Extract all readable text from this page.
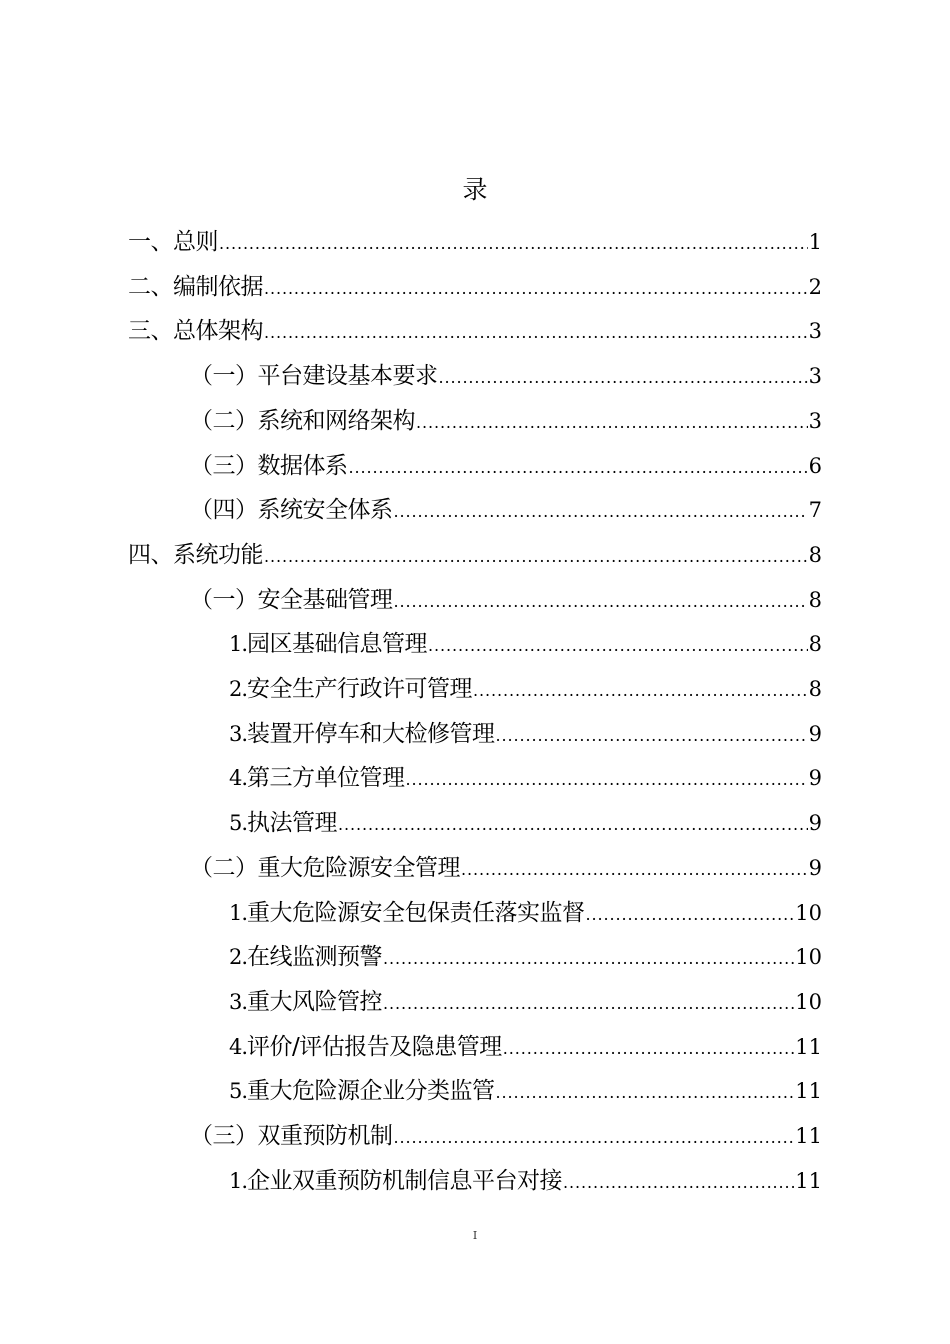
录
一、总则 .....	1
二、编制依据 .....	2
三、总体架构 .....	3
（一）平台建设基本要求 .....	3
（二）系统和网络架构 .....	3
（三）数据体系 .....	6
（四）系统安全体系 .....	7
四、系统功能 .....	8
（一）安全基础管理 .....	8
1.园区基础信息管理 .....	8
2.安全生产行政许可管理 .....	8
3.装置开停车和大检修管理 .....	9
4.第三方单位管理 .....	9
5.执法管理 .....	9
（二）重大危险源安全管理 .....	9
1.重大危险源安全包保责任落实监督 .....	10
2.在线监测预警 .....	10
3.重大风险管控 .....	10
4.评价/评估报告及隐患管理 .....	11
5.重大危险源企业分类监管 .....	11
（三）双重预防机制 .....	11
1.企业双重预防机制信息平台对接 .....	11
I
